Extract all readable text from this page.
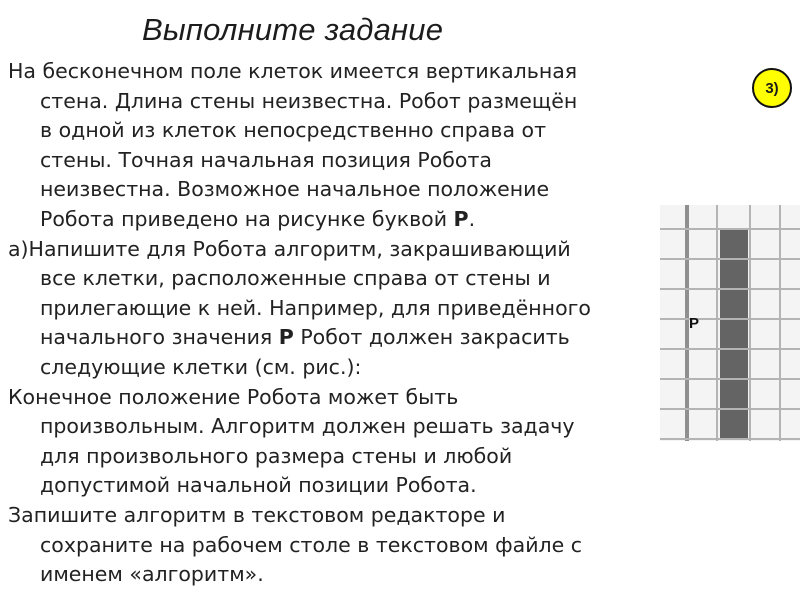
Выполните задание

На бесконечном поле клеток имеется вертикальная
стена. Длина стены неизвестна. Робот размещён
в одной из клеток непосредственно справа от
стены. Точная начальная позиция Робота
неизвестна. Возможное начальное положение
Робота приведено на рисунке буквой Р.

а)Напишите для Робота алгоритм, закрашивающий
все клетки, расположенные справа от стены и
прилегающие к ней. Например, для приведённого
начального значения Р Робот должен закрасить
следующие клетки (см. рис.):

Конечное положение Робота может быть
произвольным. Алгоритм должен решать задачу
для произвольного размера стены и любой
допустимой начальной позиции Робота.

Запишите алгоритм в текстовом редакторе и
сохраните на рабочем столе в текстовом файле с
именем «алгоритм».

3)
Р
